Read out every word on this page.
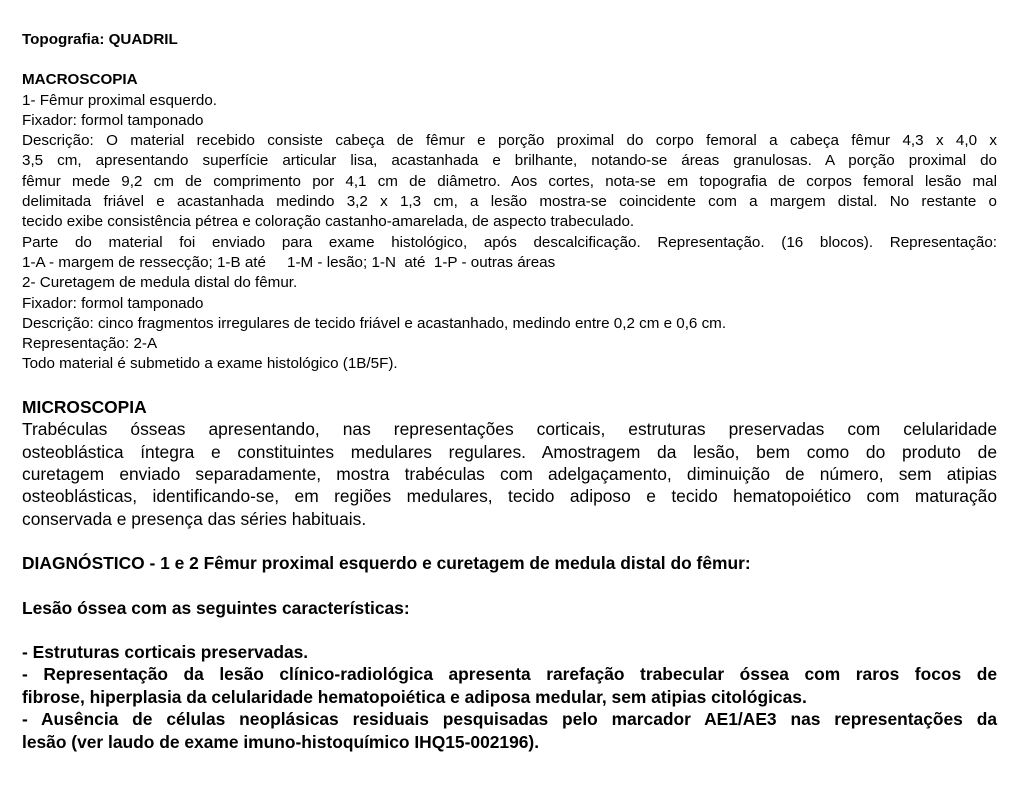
Topografia: QUADRIL

MACROSCOPIA

1- Fêmur proximal esquerdo.

Fixador: formol tamponado

Descrição: O material recebido consiste cabeça de fêmur e porção proximal do corpo femoral a cabeça fêmur 4,3 x 4,0 x

3,5 cm, apresentando superfície articular lisa, acastanhada e brilhante, notando-se áreas granulosas. A porção proximal do

fêmur mede 9,2 cm de comprimento por 4,1 cm de diâmetro. Aos cortes, nota-se em topografia de corpos femoral lesão mal

delimitada friável e acastanhada medindo 3,2 x 1,3 cm, a lesão mostra-se coincidente com a margem distal. No restante o

tecido exibe consistência pétrea e coloração castanho-amarelada, de aspecto trabeculado.

Parte do material foi enviado para exame histológico, após descalcificação. Representação. (16 blocos). Representação:

1-A - margem de ressecção; 1-B até     1-M - lesão; 1-N  até  1-P - outras áreas

2- Curetagem de medula distal do fêmur.

Fixador: formol tamponado

Descrição: cinco fragmentos irregulares de tecido friável e acastanhado, medindo entre 0,2 cm e 0,6 cm.

Representação: 2-A

Todo material é submetido a exame histológico (1B/5F).

MICROSCOPIA

Trabéculas ósseas apresentando, nas representações corticais, estruturas preservadas com celularidade

osteoblástica íntegra e constituintes medulares regulares. Amostragem da lesão, bem como do produto de

curetagem enviado separadamente, mostra trabéculas com adelgaçamento, diminuição de número, sem atipias

osteoblásticas, identificando-se, em regiões medulares, tecido adiposo e tecido hematopoiético com maturação

conservada e presença das séries habituais.

DIAGNÓSTICO - 1 e 2 Fêmur proximal esquerdo e curetagem de medula distal do fêmur:

Lesão óssea com as seguintes características:

- Estruturas corticais preservadas.

- Representação da lesão clínico-radiológica apresenta rarefação trabecular óssea com raros focos de

fibrose, hiperplasia da celularidade hematopoiética e adiposa medular, sem atipias citológicas.

- Ausência de células neoplásicas residuais pesquisadas pelo marcador AE1/AE3 nas representações da

lesão (ver laudo de exame imuno-histoquímico IHQ15-002196).
